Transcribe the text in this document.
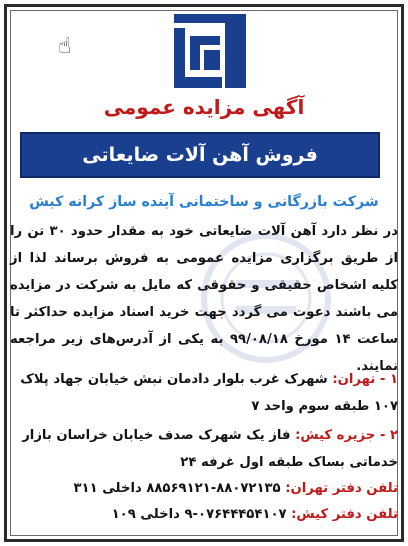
☝
آگهی مزایده عمومی
فروش آهن آلات ضایعاتی
شرکت بازرگانی و ساختمانی آینده ساز کرانه کیش
در نظر دارد آهن آلات ضایعاتی خود به مقدار حدود ۳۰ تن را از طریق برگزاری مزایده عمومی به فروش برساند لذا از کلیه اشخاص حقیقی و حقوقی که مایل به شرکت در مزایده می باشند دعوت می گردد جهت خرید اسناد مزایده حداکثر تا ساعت ۱۴ مورخ ۹۹/۰۸/۱۸ به یکی از آدرس‌های زیر مراجعه نمایند.
۱ - تهران: شهرک غرب بلوار دادمان نبش خیابان جهاد پلاک ۱۰۷ طبقه سوم واحد ۷
۲ - جزیره کیش: فاز یک شهرک صدف خیابان خراسان بازار خدماتی بساک طبقه اول غرفه ۲۴
تلفن دفتر تهران: ۸۸۰۷۲۱۳۵-۸۸۵۶۹۱۲۱ داخلی ۳۱۱
تلفن دفتر کیش: ۰۷۶۴۴۴۵۴۱۰۷-۹ داخلی ۱۰۹
